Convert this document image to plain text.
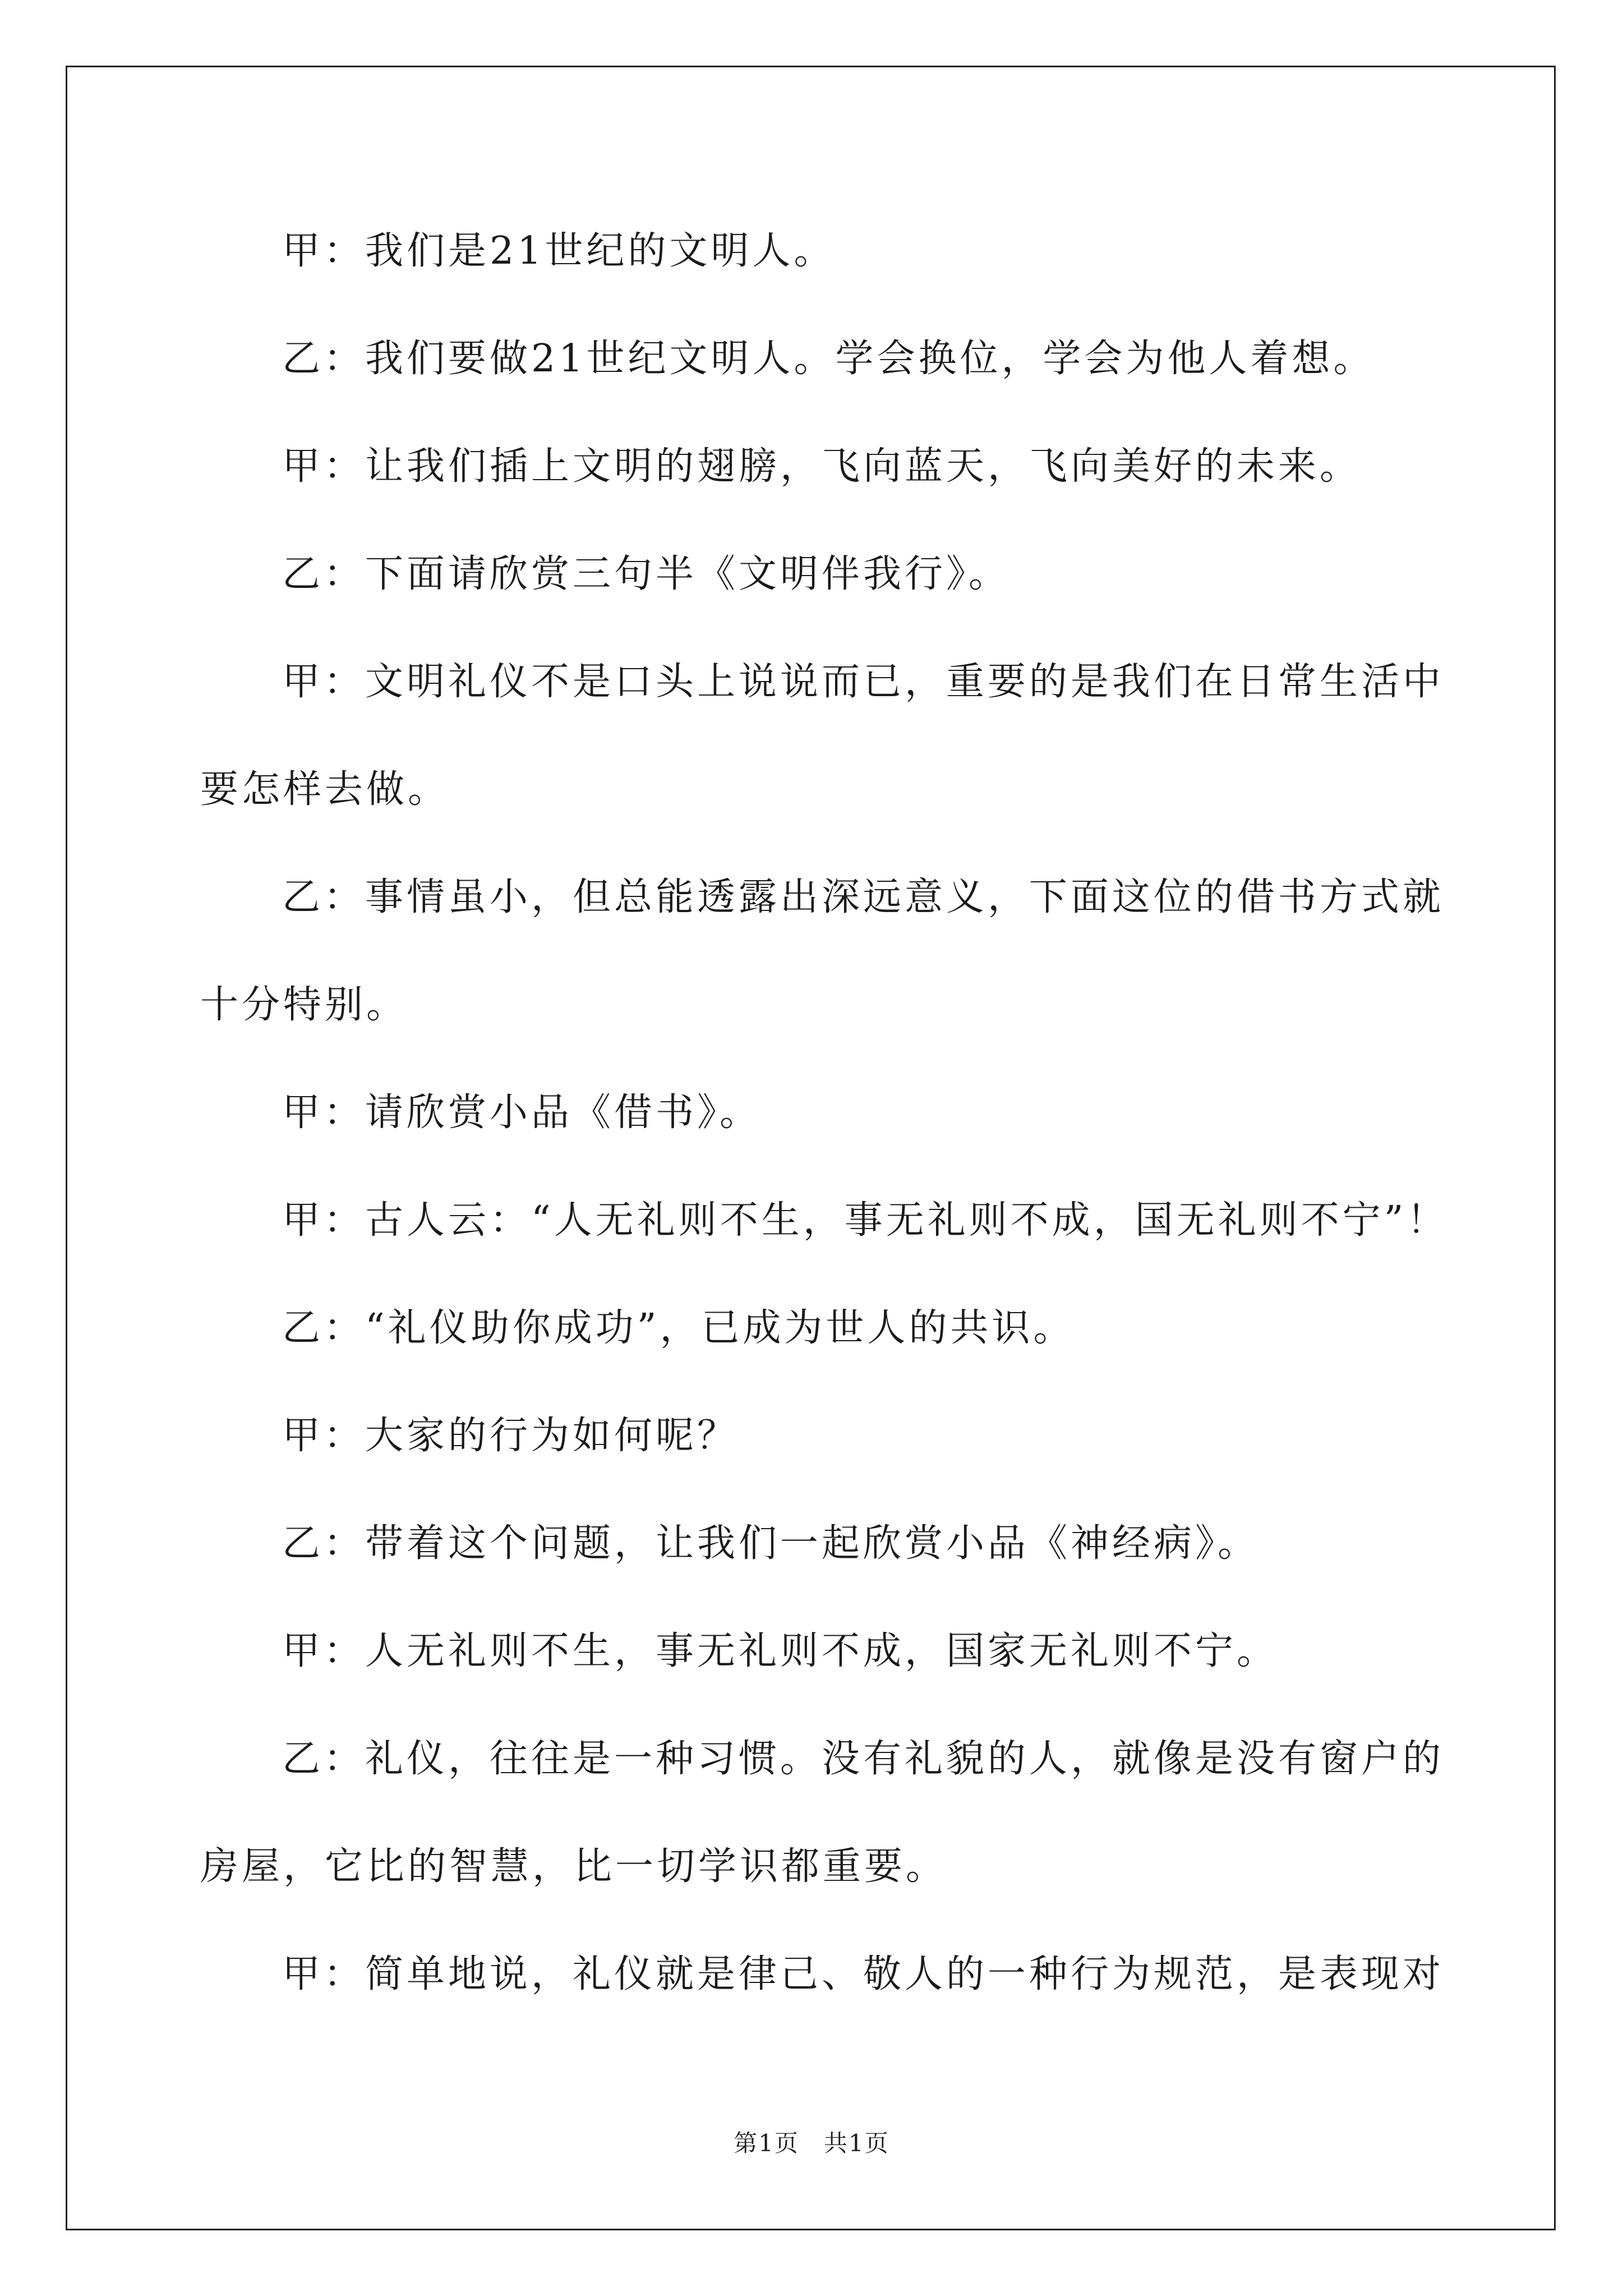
甲：我们是21世纪的文明人。
乙：我们要做21世纪文明人。学会换位，学会为他人着想。
甲：让我们插上文明的翅膀，飞向蓝天，飞向美好的未来。
乙：下面请欣赏三句半《文明伴我行》。
甲：文明礼仪不是口头上说说而已，重要的是我们在日常生活中
要怎样去做。
乙：事情虽小，但总能透露出深远意义，下面这位的借书方式就
十分特别。
甲：请欣赏小品《借书》。
甲：古人云：“人无礼则不生，事无礼则不成，国无礼则不宁”！
乙：“礼仪助你成功”，已成为世人的共识。
甲：大家的行为如何呢？
乙：带着这个问题，让我们一起欣赏小品《神经病》。
甲：人无礼则不生，事无礼则不成，国家无礼则不宁。
乙：礼仪，往往是一种习惯。没有礼貌的人，就像是没有窗户的
房屋，它比的智慧，比一切学识都重要。
甲：简单地说，礼仪就是律己、敬人的一种行为规范，是表现对
第1页　共1页
